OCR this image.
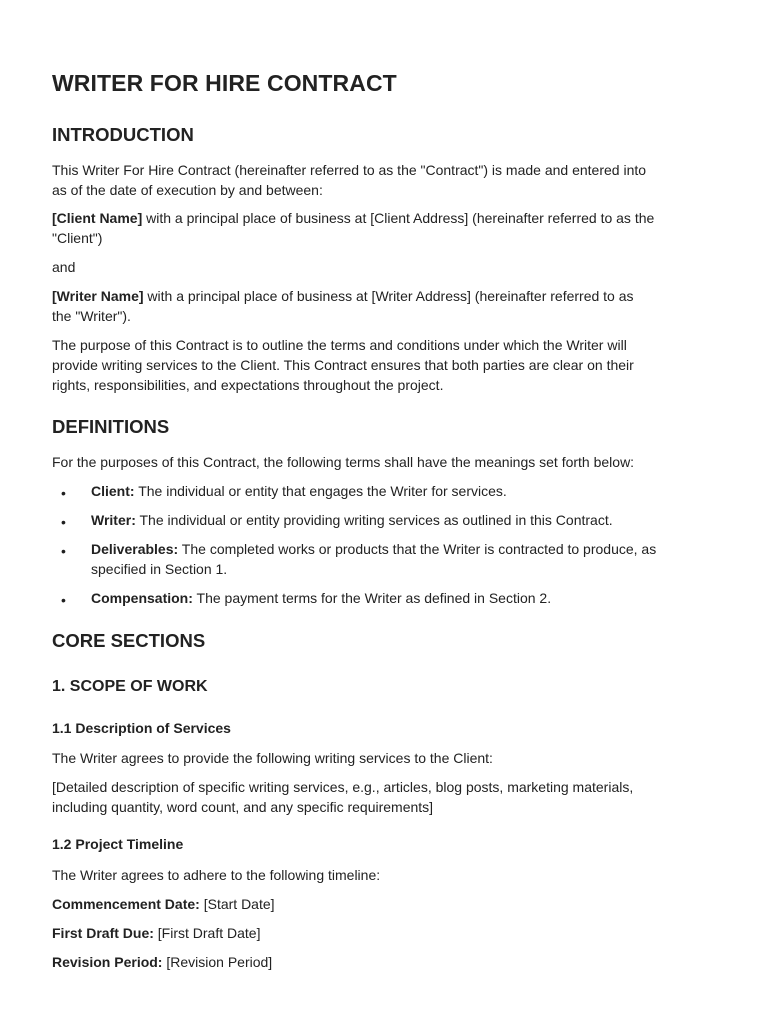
WRITER FOR HIRE CONTRACT
INTRODUCTION
This Writer For Hire Contract (hereinafter referred to as the "Contract") is made and entered into
as of the date of execution by and between:
[Client Name] with a principal place of business at [Client Address] (hereinafter referred to as the
"Client")
and
[Writer Name] with a principal place of business at [Writer Address] (hereinafter referred to as
the "Writer").
The purpose of this Contract is to outline the terms and conditions under which the Writer will
provide writing services to the Client. This Contract ensures that both parties are clear on their
rights, responsibilities, and expectations throughout the project.
DEFINITIONS
For the purposes of this Contract, the following terms shall have the meanings set forth below:
• Client: The individual or entity that engages the Writer for services.
• Writer: The individual or entity providing writing services as outlined in this Contract.
• Deliverables: The completed works or products that the Writer is contracted to produce, as
specified in Section 1.
• Compensation: The payment terms for the Writer as defined in Section 2.
CORE SECTIONS
1. SCOPE OF WORK
1.1 Description of Services
The Writer agrees to provide the following writing services to the Client:
[Detailed description of specific writing services, e.g., articles, blog posts, marketing materials,
including quantity, word count, and any specific requirements]
1.2 Project Timeline
The Writer agrees to adhere to the following timeline:
Commencement Date: [Start Date]
First Draft Due: [First Draft Date]
Revision Period: [Revision Period]
